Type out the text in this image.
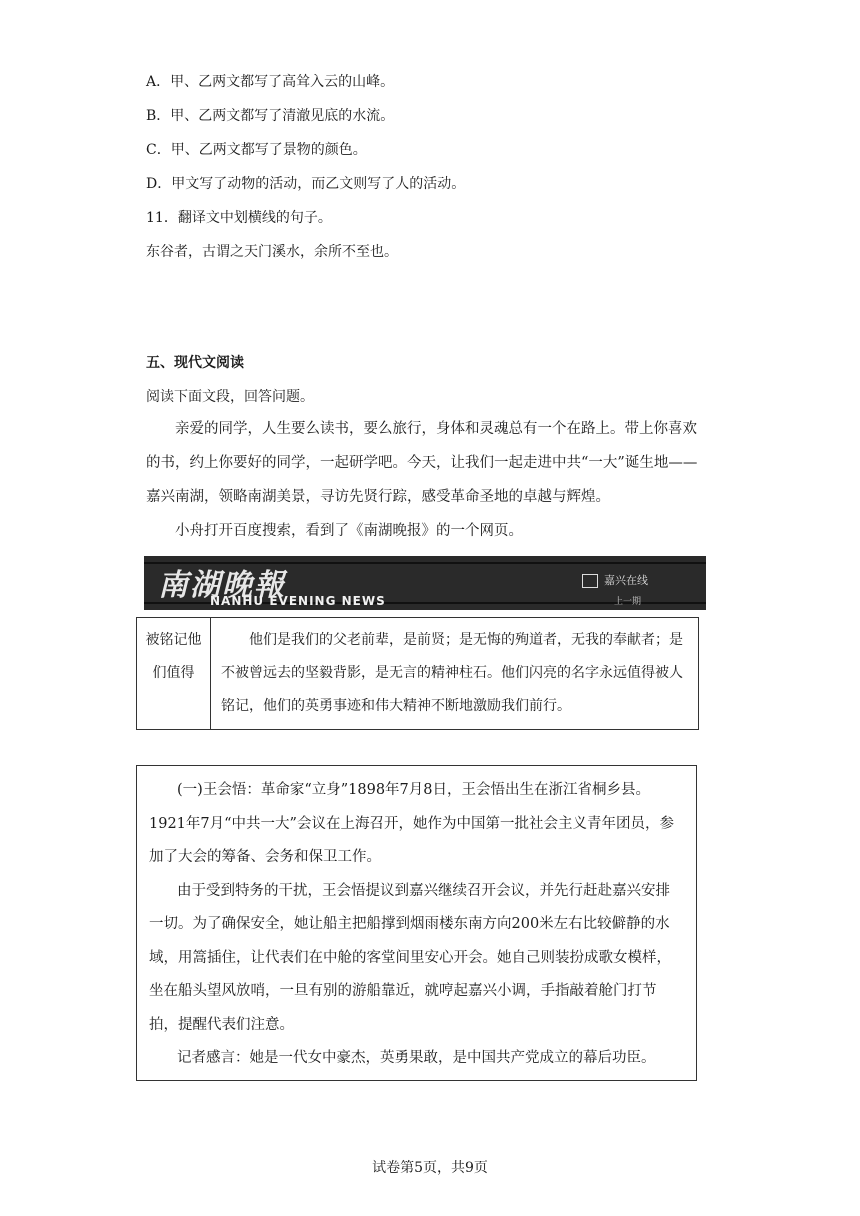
A．甲、乙两文都写了高耸入云的山峰。
B．甲、乙两文都写了清澈见底的水流。
C．甲、乙两文都写了景物的颜色。
D．甲文写了动物的活动，而乙文则写了人的活动。
11．翻译文中划横线的句子。
东谷者，古谓之天门溪水，余所不至也。
五、现代文阅读
阅读下面文段，回答问题。

亲爱的同学，人生要么读书，要么旅行，身体和灵魂总有一个在路上。带上你喜欢的书，约上你要好的同学，一起研学吧。今天，让我们一起走进中共“一大”诞生地——嘉兴南湖，领略南湖美景，寻访先贤行踪，感受革命圣地的卓越与辉煌。

小舟打开百度搜索，看到了《南湖晚报》的一个网页。

南湖晚報
NANHU EVENING NEWS
嘉兴在线
上一期
被铭记他们值得	

他们是我们的父老前辈，是前贤；是无悔的殉道者，无我的奉献者；是不被曾远去的坚毅背影，是无言的精神柱石。他们闪亮的名字永远值得被人铭记，他们的英勇事迹和伟大精神不断地激励我们前行。

(一)王会悟：革命家“立身”1898年7月8日，王会悟出生在浙江省桐乡县。1921年7月“中共一大”会议在上海召开，她作为中国第一批社会主义青年团员，参加了大会的筹备、会务和保卫工作。

由于受到特务的干扰，王会悟提议到嘉兴继续召开会议，并先行赶赴嘉兴安排一切。为了确保安全，她让船主把船撑到烟雨楼东南方向200米左右比较僻静的水域，用篙插住，让代表们在中舱的客堂间里安心开会。她自己则装扮成歌女模样，坐在船头望风放哨，一旦有别的游船靠近，就哼起嘉兴小调，手指敲着舱门打节拍，提醒代表们注意。

记者感言：她是一代女中豪杰，英勇果敢，是中国共产党成立的幕后功臣。

试卷第5页，共9页
